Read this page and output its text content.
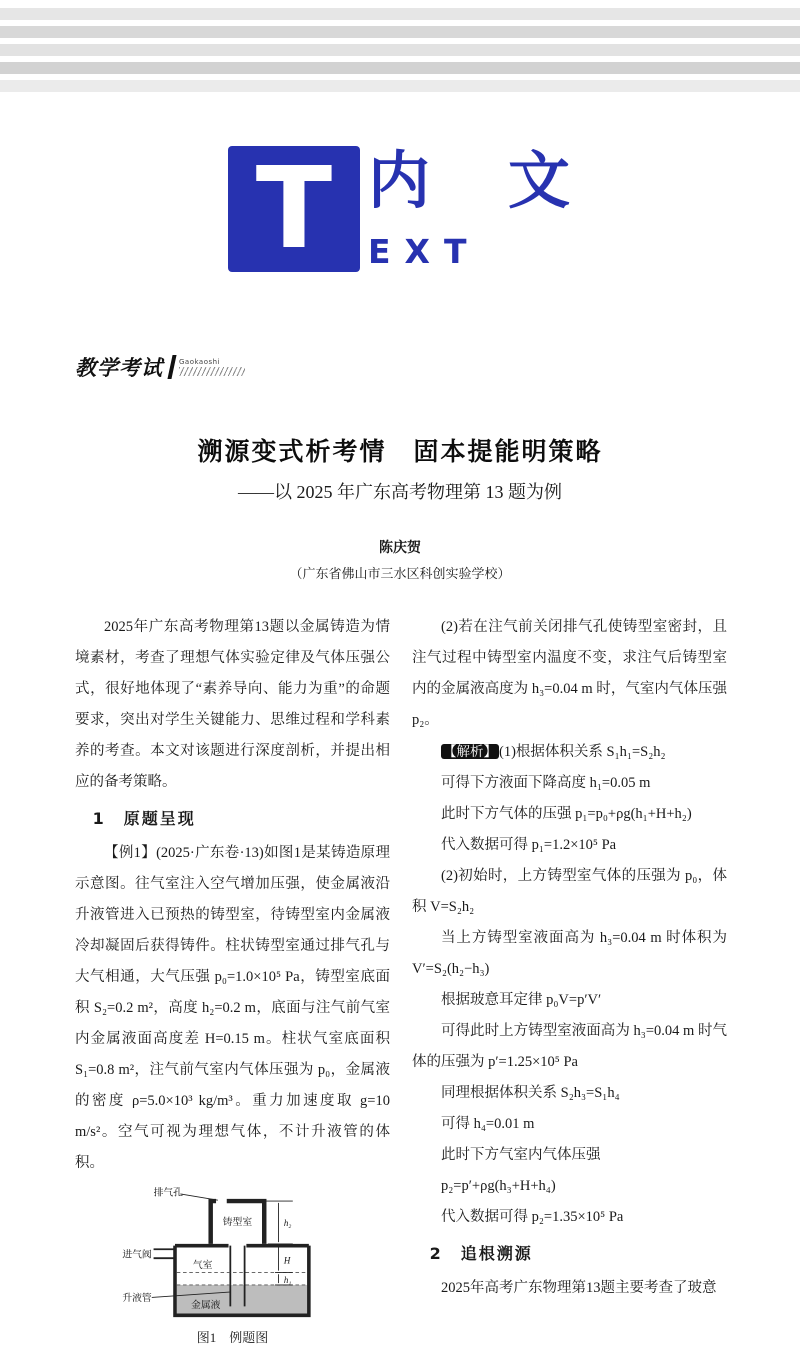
T 内　文
EXT
教学考试 Gaokaoshi
溯源变式析考情　固本提能明策略
——以 2025 年广东高考物理第 13 题为例
陈庆贺
（广东省佛山市三水区科创实验学校）

2025年广东高考物理第13题以金属铸造为情境素材，考查了理想气体实验定律及气体压强公式，很好地体现了“素养导向、能力为重”的命题要求，突出对学生关键能力、思维过程和学科素养的考查。本文对该题进行深度剖析，并提出相应的备考策略。

1　原题呈现

【例1】(2025·广东卷·13)如图1是某铸造原理示意图。往气室注入空气增加压强，使金属液沿升液管进入已预热的铸型室，待铸型室内金属液冷却凝固后获得铸件。柱状铸型室通过排气孔与大气相通，大气压强 p₀=1.0×10⁵ Pa，铸型室底面积 S₂=0.2 m²，高度 h₂=0.2 m，底面与注气前气室内金属液面高度差 H=0.15 m。柱状气室底面积 S₁=0.8 m²，注气前气室内气体压强为 p₀，金属液的密度 ρ=5.0×10³ kg/m³。重力加速度取 g=10 m/s²。空气可视为理想气体，不计升液管的体积。

排气孔
铸型室
进气阀
气室
升液管
金属液
h₂
H
h₁

图1　例题图

(2)若在注气前关闭排气孔使铸型室密封，且注气过程中铸型室内温度不变，求注气后铸型室内的金属液高度为 h₃=0.04 m 时，气室内气体压强 p₂。

【解析】 (1)根据体积关系 S₁h₁=S₂h₂

可得下方液面下降高度 h₁=0.05 m

此时下方气体的压强 p₁=p₀+ρg(h₁+H+h₂)

代入数据可得 p₁=1.2×10⁵ Pa

(2)初始时，上方铸型室气体的压强为 p₀，体积 V=S₂h₂

当上方铸型室液面高为 h₃=0.04 m 时体积为 V′=S₂(h₂−h₃)

根据玻意耳定律 p₀V=p′V′

可得此时上方铸型室液面高为 h₃=0.04 m 时气体的压强为 p′=1.25×10⁵ Pa

同理根据体积关系 S₂h₃=S₁h₄

可得 h₄=0.01 m

此时下方气室内气体压强

p₂=p′+ρg(h₃+H+h₄)

代入数据可得 p₂=1.35×10⁵ Pa

2　追根溯源

2025年高考广东物理第13题主要考查了玻意
